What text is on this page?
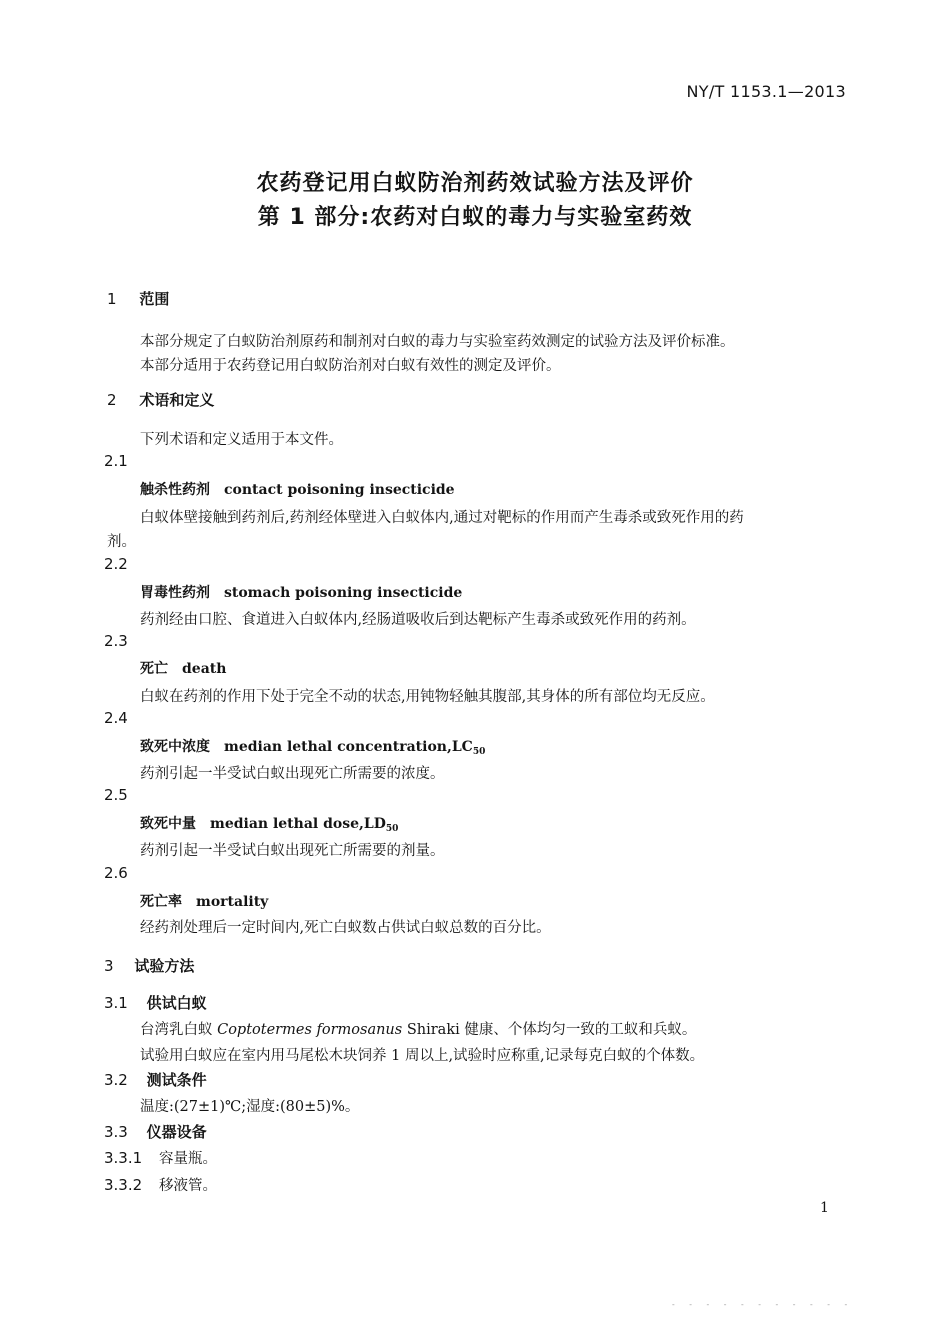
NY/T 1153.1—2013
农药登记用白蚁防治剂药效试验方法及评价
第 1 部分:农药对白蚁的毒力与实验室药效
1 范围
本部分规定了白蚁防治剂原药和制剂对白蚁的毒力与实验室药效测定的试验方法及评价标准。
本部分适用于农药登记用白蚁防治剂对白蚁有效性的测定及评价。
2 术语和定义
下列术语和定义适用于本文件。
2.1
触杀性药剂 contact poisoning insecticide
白蚁体壁接触到药剂后,药剂经体壁进入白蚁体内,通过对靶标的作用而产生毒杀或致死作用的药
剂。
2.2
胃毒性药剂 stomach poisoning insecticide
药剂经由口腔、食道进入白蚁体内,经肠道吸收后到达靶标产生毒杀或致死作用的药剂。
2.3
死亡 death
白蚁在药剂的作用下处于完全不动的状态,用钝物轻触其腹部,其身体的所有部位均无反应。
2.4
致死中浓度 median lethal $concentration,LC_{50}$
药剂引起一半受试白蚁出现死亡所需要的浓度。
2.5
致死中量 median lethal $dose,LD_{50}$
药剂引起一半受试白蚁出现死亡所需要的剂量。
2.6
死亡率 mortality
经药剂处理后一定时间内,死亡白蚁数占供试白蚁总数的百分比。
3 试验方法
3.1 供试白蚁
台湾乳白蚁 Coptotermes formosanus Shiraki 健康、个体均匀一致的工蚁和兵蚁。
试验用白蚁应在室内用马尾松木块饲养 1 周以上,试验时应称重,记录每克白蚁的个体数。
3.2 测试条件
温度:(27±1)℃;湿度:(80±5)%。
3.3 仪器设备
3.3.1 容量瓶。
3.3.2 移液管。
1
- - - - - - - - - - -
